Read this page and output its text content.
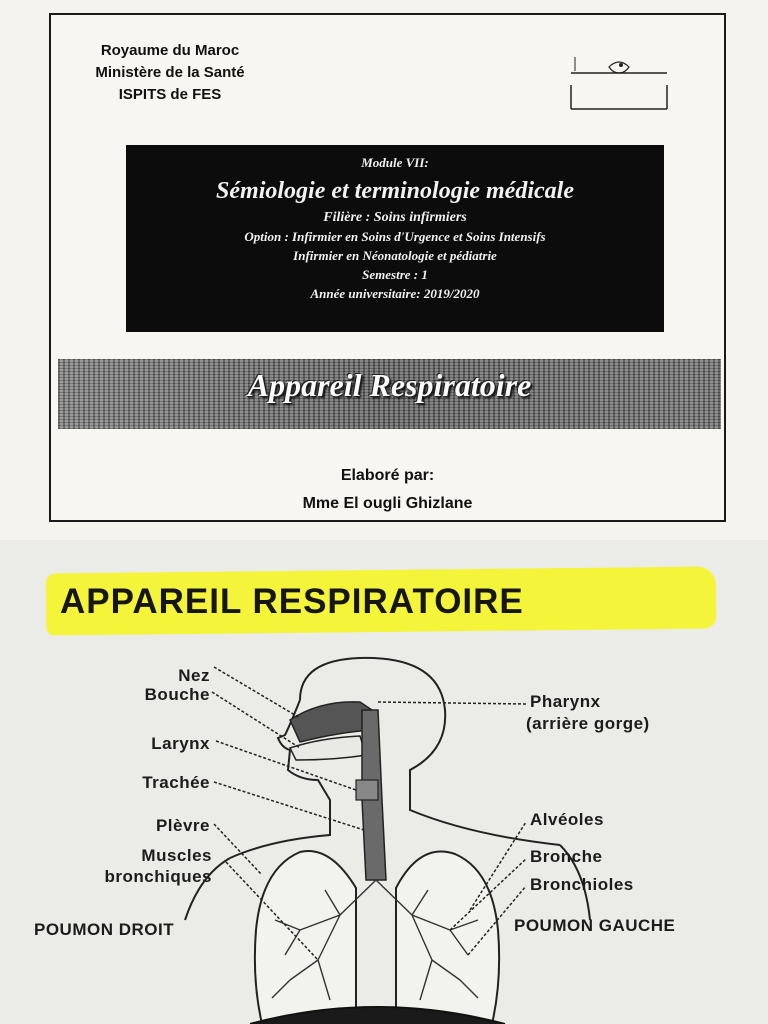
Royaume du Maroc
Ministère de la Santé
ISPITS de FES
Module VII:
Sémiologie et terminologie médicale
Filière : Soins infirmiers
Option : Infirmier en Soins d'Urgence et Soins Intensifs
Infirmier en Néonatologie et pédiatrie
Semestre : 1
Année universitaire: 2019/2020
Appareil Respiratoire
Elaboré par:
Mme El ougli Ghizlane
APPAREIL RESPIRATOIRE
Nez
Bouche
Larynx
Trachée
Plèvre
Muscles
bronchiques
Pharynx
(arrière gorge)
Alvéoles
Bronche
Bronchioles
POUMON DROIT	POUMON GAUCHE
